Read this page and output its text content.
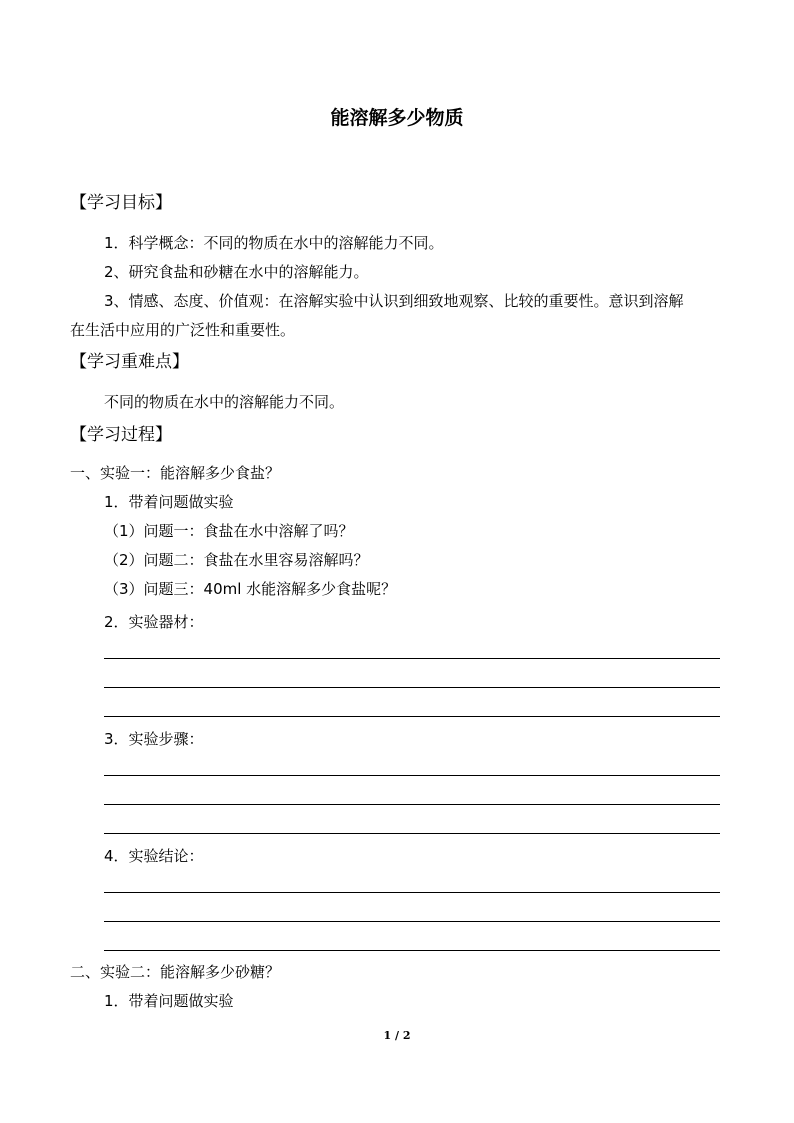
能溶解多少物质
【学习目标】
1．科学概念：不同的物质在水中的溶解能力不同。
2、研究食盐和砂糖在水中的溶解能力。
3、情感、态度、价值观：在溶解实验中认识到细致地观察、比较的重要性。意识到溶解
在生活中应用的广泛性和重要性。
【学习重难点】
不同的物质在水中的溶解能力不同。
【学习过程】
一、实验一：能溶解多少食盐？
1．带着问题做实验
（1）问题一：食盐在水中溶解了吗？
（2）问题二：食盐在水里容易溶解吗？
（3）问题三：40ml 水能溶解多少食盐呢？
2．实验器材：
3．实验步骤：
4．实验结论：
二、实验二：能溶解多少砂糖？
1．带着问题做实验
1 / 2
